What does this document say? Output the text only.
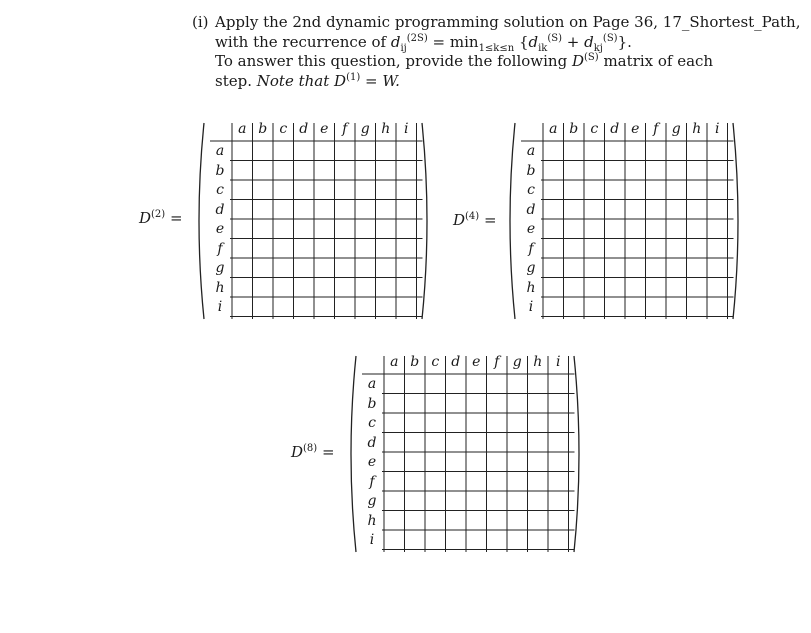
(i) Apply the 2nd dynamic programming solution on Page 36, 17_Shortest_Path,
with the recurrence of $d_{ij}^{(2S)} = \min_{1\le k\le n} \{d_{ik}^{(S)} + d_{kj}^{(S)}\}$.
To answer this question, provide the following $D^{(S)}$ matrix of each
step. Note that $D^{(1)} = W$.
$D^{(2)}$ =	$D^{(4)}$ =
$D^{(8)}$ =
a b c d e f g h i
a
b
c
d
e
f
g
h
i
a b c d e f g h i
a
b
c
d
e
f
g
h
i
a b c d e f g h i
a
b
c
d
e
f
g
h
i
